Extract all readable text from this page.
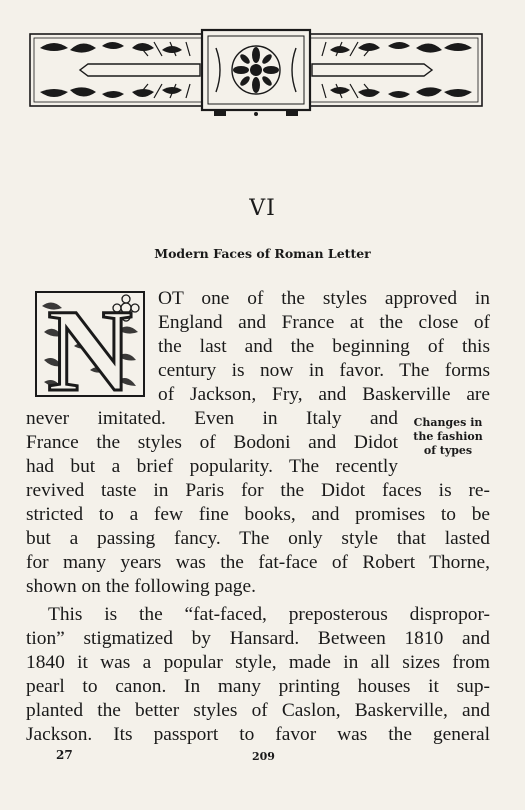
VI
Modern Faces of Roman Letter
N OT one of the styles approved in
England and France at the close of
the last and the beginning of this
century is now in favor. The forms
of Jackson, Fry, and Baskerville are
never imitated. Even in Italy and
France the styles of Bodoni and Didot
had but a brief popularity. The recently
revived taste in Paris for the Didot faces is re-
stricted to a few fine books, and promises to be
but a passing fancy. The only style that lasted
for many years was the fat-face of Robert Thorne,
shown on the following page.
This is the “fat-faced, preposterous dispropor-
tion” stigmatized by Hansard. Between 1810 and
1840 it was a popular style, made in all sizes from
pearl to canon. In many printing houses it sup-
planted the better styles of Caslon, Baskerville, and
Jackson. Its passport to favor was the general
Changes in
the fashion
of types
27	209
